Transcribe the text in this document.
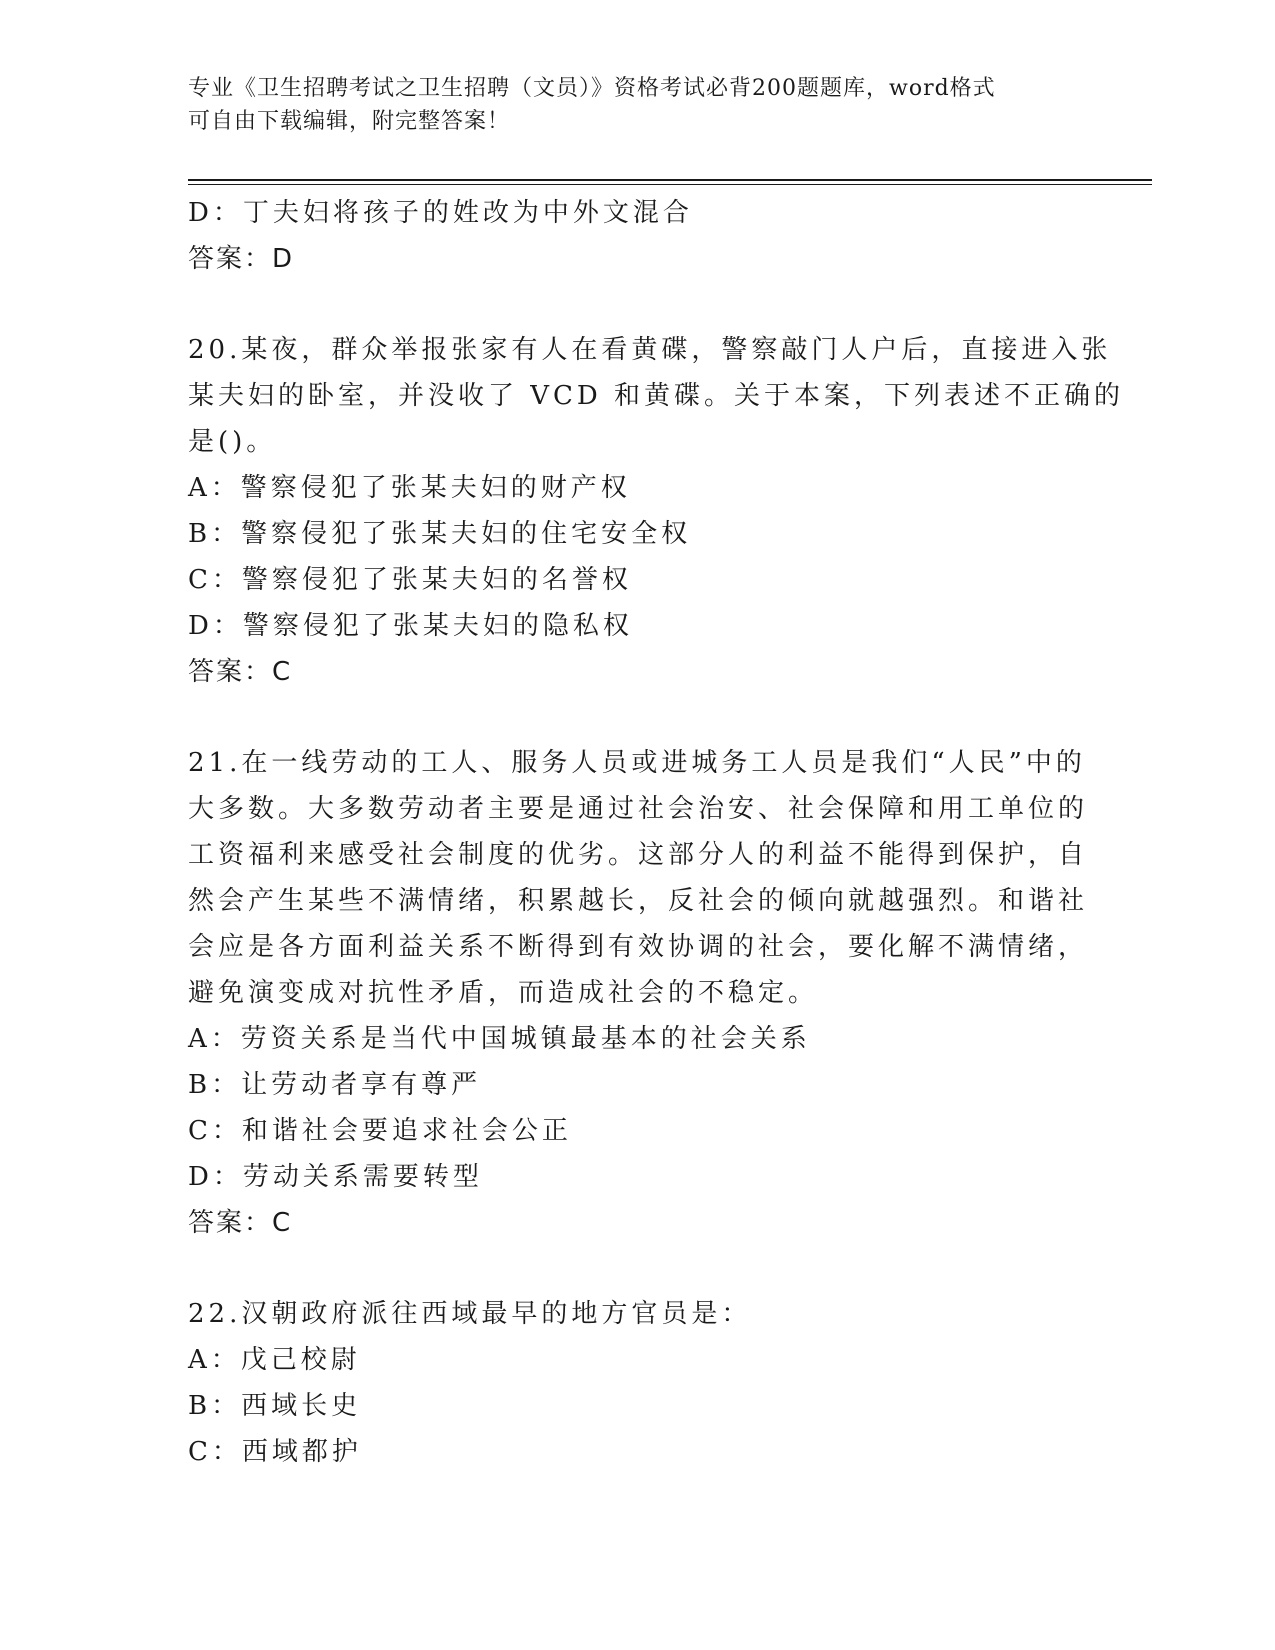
专业《卫生招聘考试之卫生招聘（文员）》资格考试必背200题题库，word格式
可自由下载编辑，附完整答案！
D：丁夫妇将孩子的姓改为中外文混合
答案：D
20.某夜，群众举报张家有人在看黄碟，警察敲门人户后，直接进入张
某夫妇的卧室，并没收了 VCD 和黄碟。关于本案，下列表述不正确的
是()。
A：警察侵犯了张某夫妇的财产权
B：警察侵犯了张某夫妇的住宅安全权
C：警察侵犯了张某夫妇的名誉权
D：警察侵犯了张某夫妇的隐私权
答案：C
21.在一线劳动的工人、服务人员或进城务工人员是我们“人民”中的
大多数。大多数劳动者主要是通过社会治安、社会保障和用工单位的
工资福利来感受社会制度的优劣。这部分人的利益不能得到保护，自
然会产生某些不满情绪，积累越长，反社会的倾向就越强烈。和谐社
会应是各方面利益关系不断得到有效协调的社会，要化解不满情绪，
避免演变成对抗性矛盾，而造成社会的不稳定。
A：劳资关系是当代中国城镇最基本的社会关系
B：让劳动者享有尊严
C：和谐社会要追求社会公正
D：劳动关系需要转型
答案：C
22.汉朝政府派往西域最早的地方官员是：
A：戊己校尉
B：西域长史
C：西域都护
